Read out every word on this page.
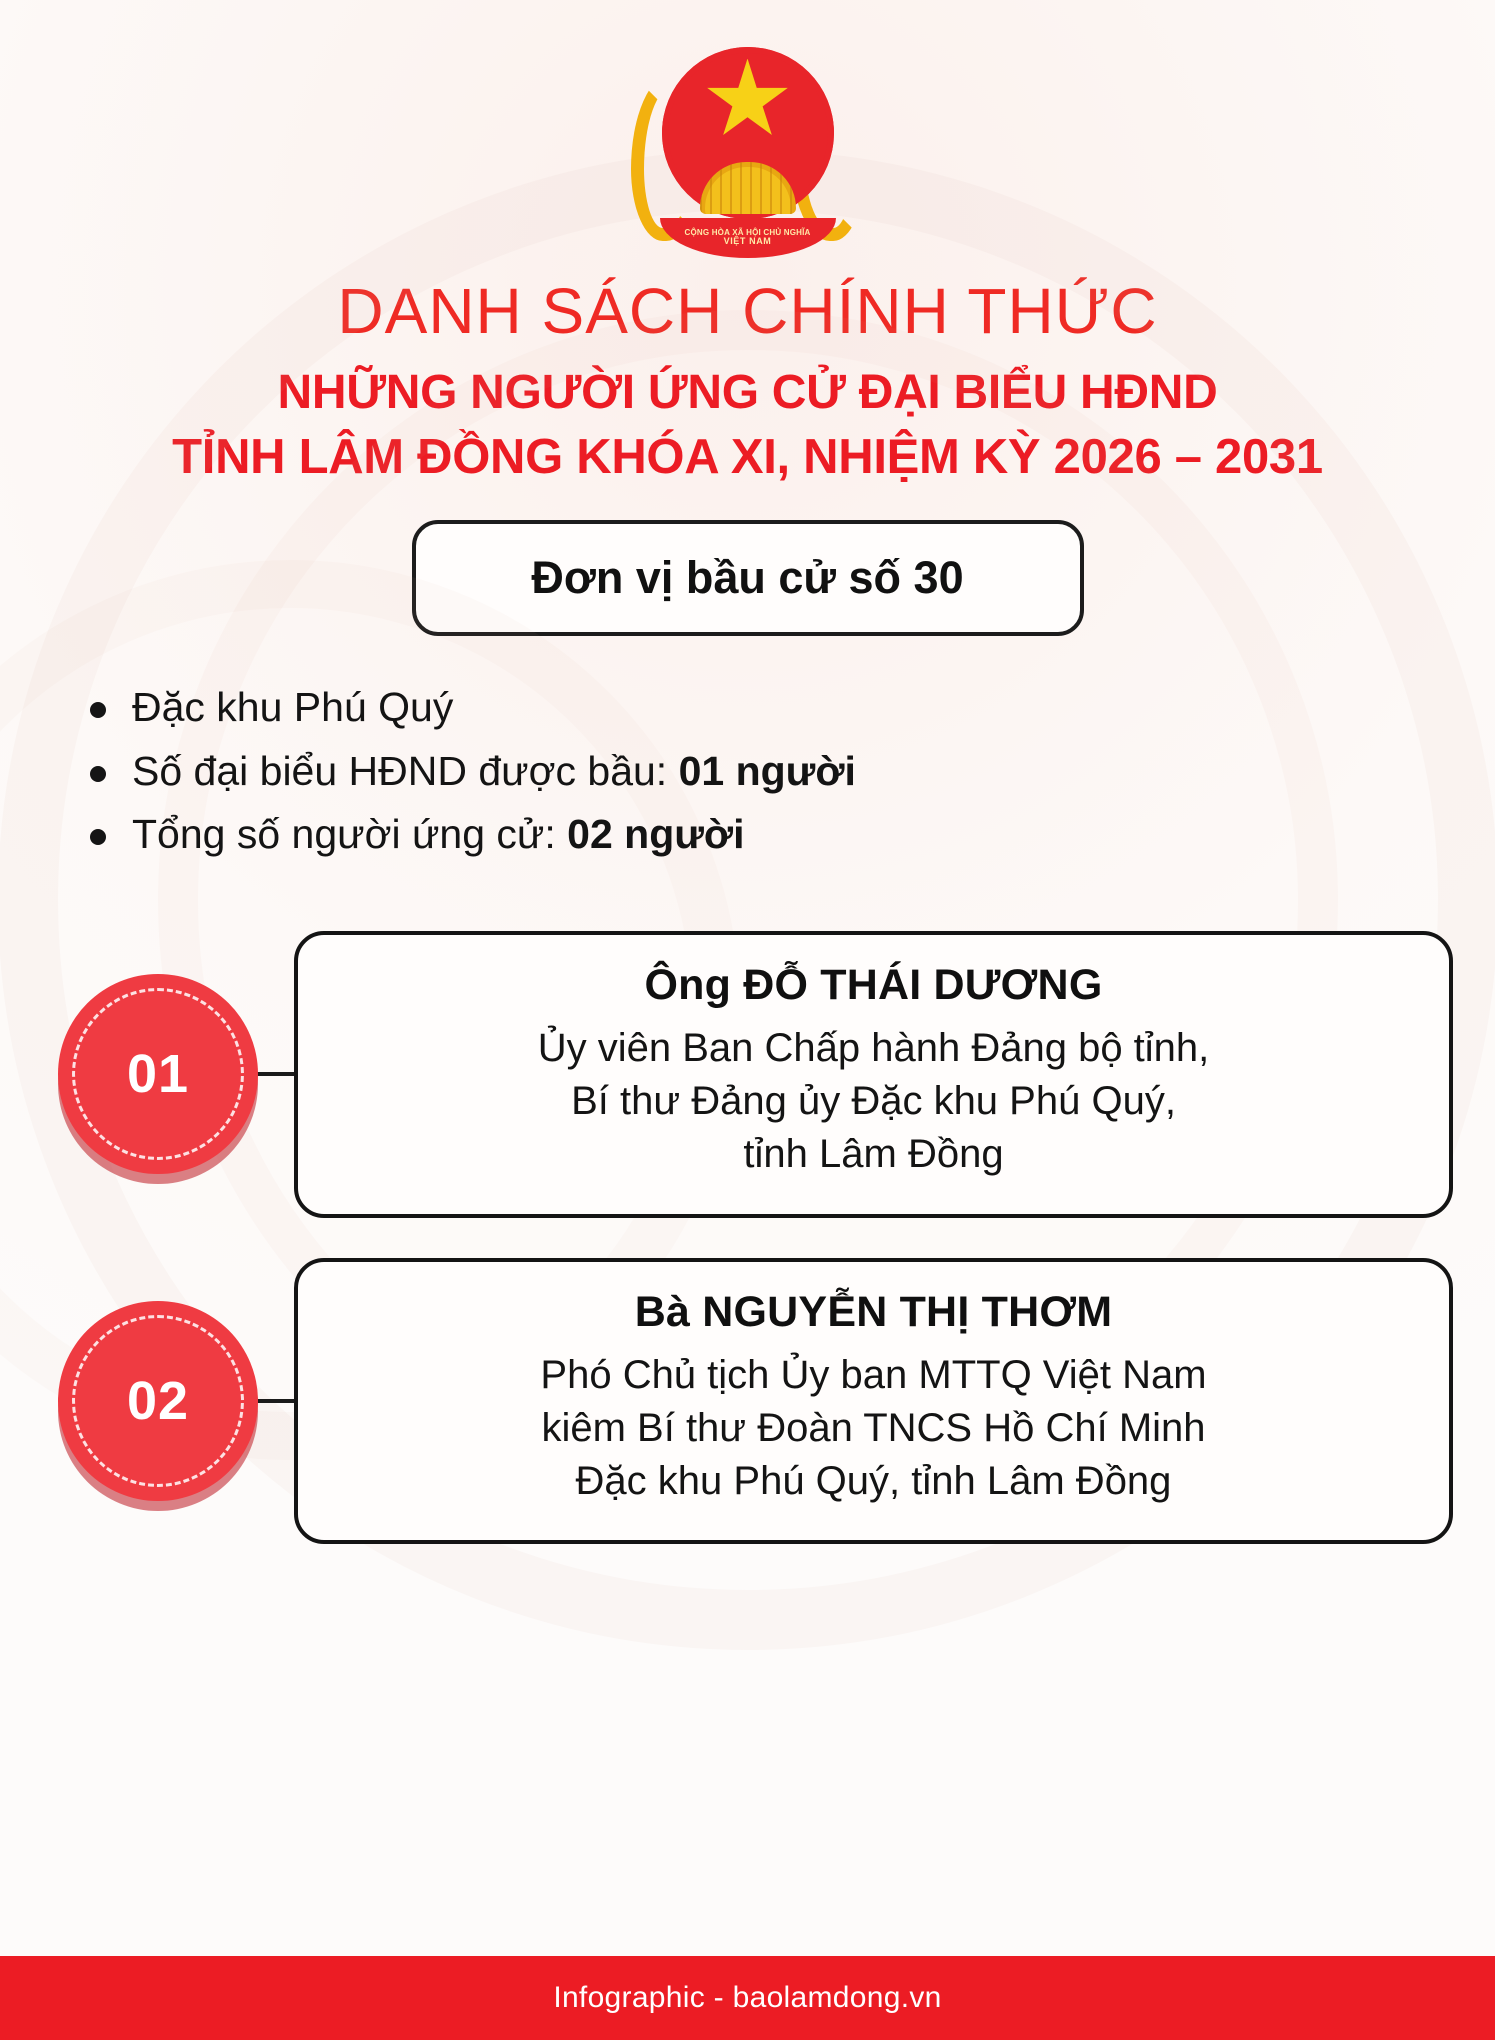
CỘNG HÒA XÃ HỘI CHỦ NGHĨA
VIỆT NAM
DANH SÁCH CHÍNH THỨC
NHỮNG NGƯỜI ỨNG CỬ ĐẠI BIỂU HĐND
TỈNH LÂM ĐỒNG KHÓA XI, NHIỆM KỲ 2026 – 2031
Đơn vị bầu cử số 30
Đặc khu Phú Quý
Số đại biểu HĐND được bầu: 01 người
Tổng số người ứng cử: 02 người
01
Ông ĐỖ THÁI DƯƠNG
Ủy viên Ban Chấp hành Đảng bộ tỉnh,
Bí thư Đảng ủy Đặc khu Phú Quý,
tỉnh Lâm Đồng
02
Bà NGUYỄN THỊ THƠM
Phó Chủ tịch Ủy ban MTTQ Việt Nam
kiêm Bí thư Đoàn TNCS Hồ Chí Minh
Đặc khu Phú Quý, tỉnh Lâm Đồng
Infographic - baolamdong.vn
